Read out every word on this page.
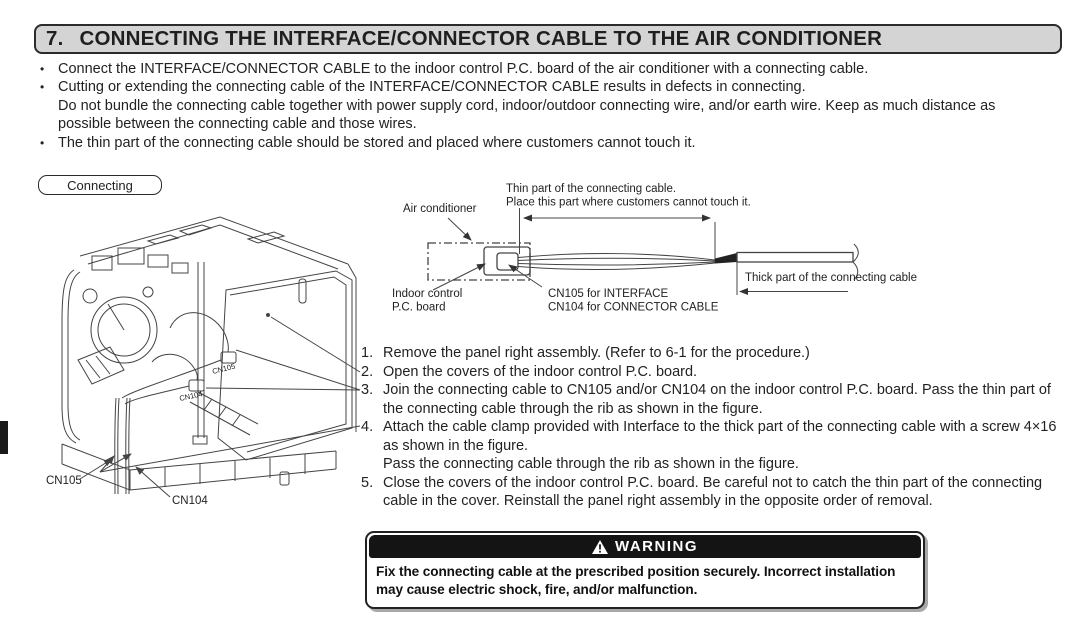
7. CONNECTING THE INTERFACE/CONNECTOR CABLE TO THE AIR CONDITIONER
• Connect the INTERFACE/CONNECTOR CABLE to the indoor control P.C. board of the air conditioner with a connecting cable.
• Cutting or extending the connecting cable of the INTERFACE/CONNECTOR CABLE results in defects in connecting.
Do not bundle the connecting cable together with power supply cord, indoor/outdoor connecting wire, and/or earth wire. Keep as much distance as possible between the connecting cable and those wires.
• The thin part of the connecting cable should be stored and placed where customers cannot touch it.
Connecting
CN105
CN104
CN105
CN104
Thin part of the connecting cable.
Place this part where customers cannot touch it.
Air conditioner
Thick part of the connecting cable
Indoor control
P.C. board
CN105 for INTERFACE
CN104 for CONNECTOR CABLE
1. Remove the panel right assembly. (Refer to 6-1 for the procedure.)
2. Open the covers of the indoor control P.C. board.
3. Join the connecting cable to CN105 and/or CN104 on the indoor control P.C. board. Pass the thin part of the connecting cable through the rib as shown in the figure.
4. Attach the cable clamp provided with Interface to the thick part of the connecting cable with a screw 4×16 as shown in the figure.
Pass the connecting cable through the rib as shown in the figure.
5. Close the covers of the indoor control P.C. board. Be careful not to catch the thin part of the connecting cable in the cover. Reinstall the panel right assembly in the opposite order of removal.
WARNING
Fix the connecting cable at the prescribed position securely. Incorrect installation
may cause electric shock, fire, and/or malfunction.
